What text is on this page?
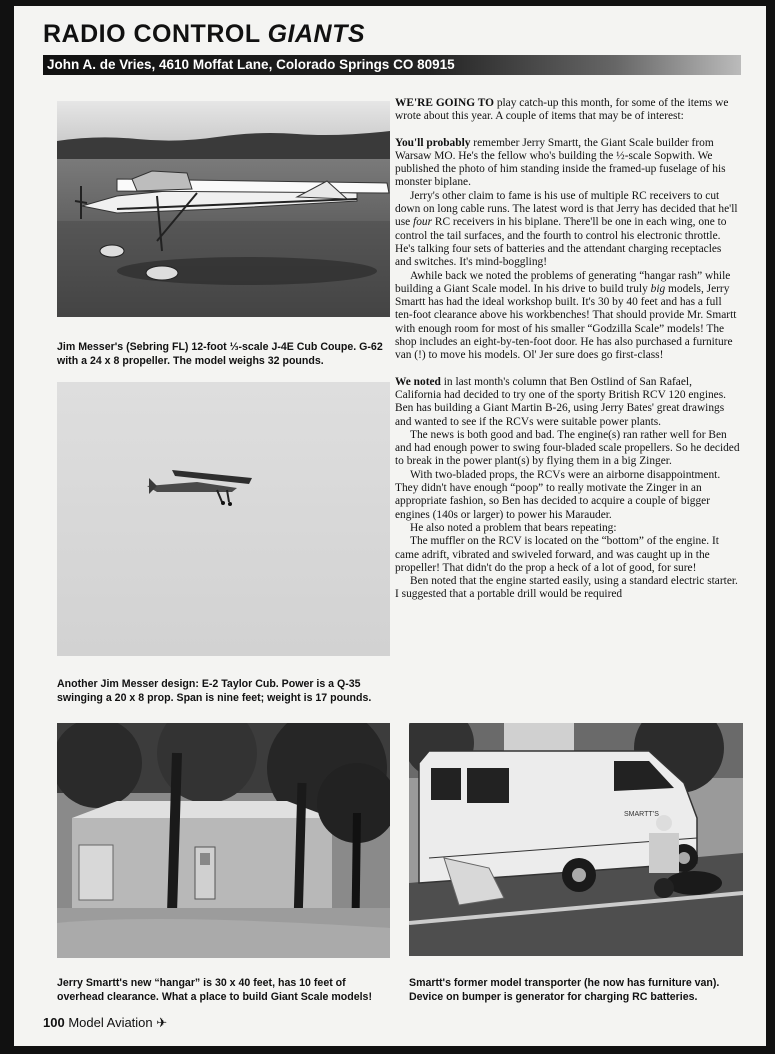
RADIO CONTROL GIANTS
John A. de Vries, 4610 Moffat Lane, Colorado Springs CO 80915
Jim Messer's (Sebring FL) 12-foot ⅓-scale J-4E Cub Coupe. G-62 with a 24 x 8 propeller. The model weighs 32 pounds.
Another Jim Messer design: E-2 Taylor Cub. Power is a Q-35 swinging a 20 x 8 prop. Span is nine feet; weight is 17 pounds.
Jerry Smartt's new “hangar” is 30 x 40 feet, has 10 feet of overhead clearance. What a place to build Giant Scale models!
SMARTT’S
Smartt's former model transporter (he now has furniture van). Device on bumper is generator for charging RC batteries.

WE'RE GOING TO play catch-up this month, for some of the items we wrote about this year. A couple of items that may be of interest:

You'll probably remember Jerry Smartt, the Giant Scale builder from Warsaw MO. He's the fellow who's building the ½-scale Sopwith. We published the photo of him standing inside the framed-up fuselage of his monster biplane.

Jerry's other claim to fame is his use of multiple RC receivers to cut down on long cable runs. The latest word is that Jerry has decided that he'll use four RC receivers in his biplane. There'll be one in each wing, one to control the tail surfaces, and the fourth to control his electronic throttle. He's talking four sets of batteries and the attendant charging receptacles and switches. It's mind-boggling!

Awhile back we noted the problems of generating “hangar rash” while building a Giant Scale model. In his drive to build truly big models, Jerry Smartt has had the ideal workshop built. It's 30 by 40 feet and has a full ten-foot clearance above his workbenches! That should provide Mr. Smartt with enough room for most of his smaller “Godzilla Scale” models! The shop includes an eight-by-ten-foot door. He has also purchased a furniture van (!) to move his models. Ol' Jer sure does go first-class!

We noted in last month's column that Ben Ostlind of San Rafael, California had decided to try one of the sporty British RCV 120 engines. Ben has building a Giant Martin B-26, using Jerry Bates' great drawings and wanted to see if the RCVs were suitable power plants.

The news is both good and bad. The engine(s) ran rather well for Ben and had enough power to swing four-bladed scale propellers. So he decided to break in the power plant(s) by flying them in a big Zinger.

With two-bladed props, the RCVs were an airborne disappointment. They didn't have enough “poop” to really motivate the Zinger in an appropriate fashion, so Ben has decided to acquire a couple of bigger engines (140s or larger) to power his Marauder.

He also noted a problem that bears repeating:

The muffler on the RCV is located on the “bottom” of the engine. It came adrift, vibrated and swiveled forward, and was caught up in the propeller! That didn't do the prop a heck of a lot of good, for sure!

Ben noted that the engine started easily, using a standard electric starter. I suggested that a portable drill would be required

100 Model Aviation ✈
